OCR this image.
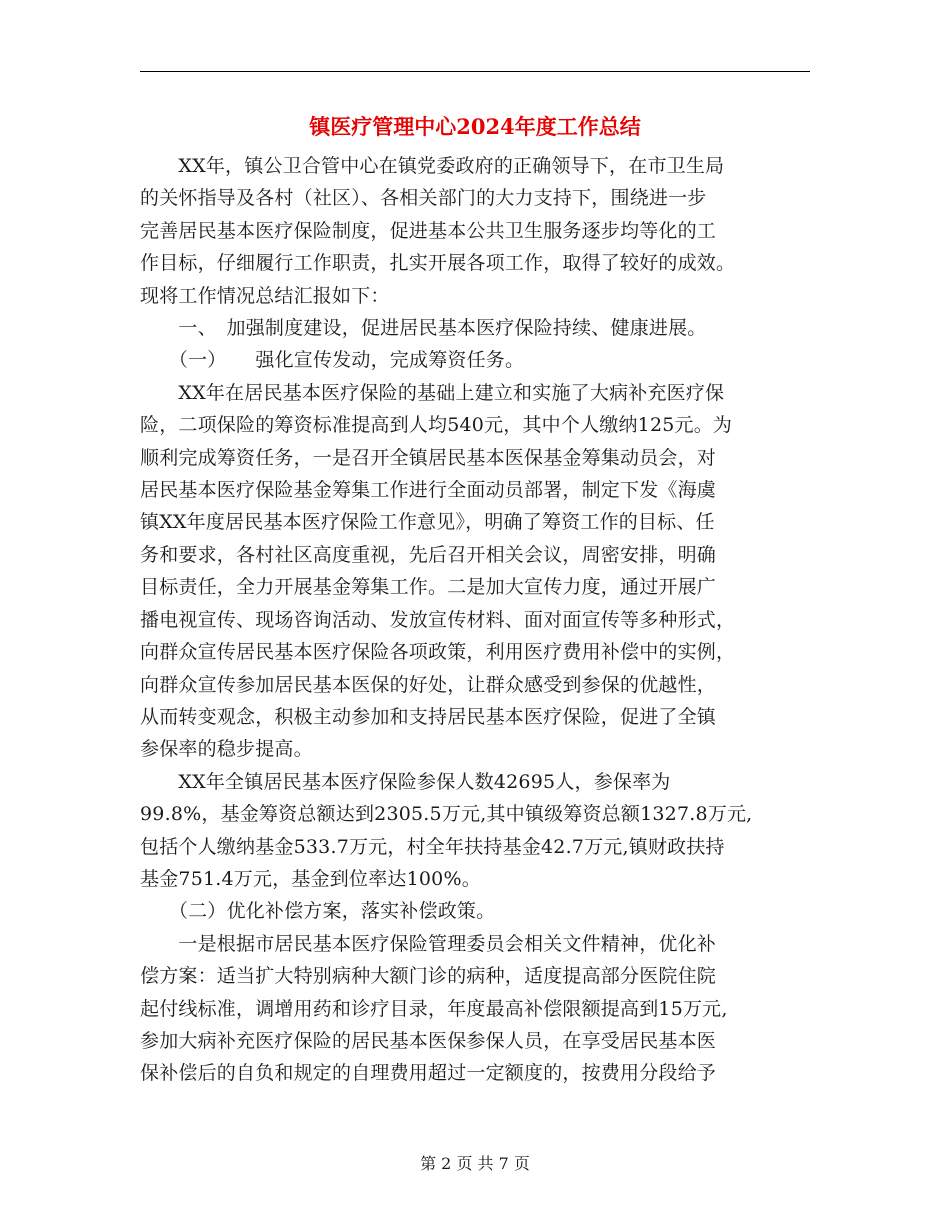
镇医疗管理中心2024年度工作总结

　　XX年，镇公卫合管中心在镇党委政府的正确领导下，在市卫生局
的关怀指导及各村（社区）、各相关部门的大力支持下，围绕进一步
完善居民基本医疗保险制度，促进基本公共卫生服务逐步均等化的工
作目标，仔细履行工作职责，扎实开展各项工作，取得了较好的成效。
现将工作情况总结汇报如下：

　　一、　加强制度建设，促进居民基本医疗保险持续、健康进展。

　　（一）　　强化宣传发动，完成筹资任务。

　　XX年在居民基本医疗保险的基础上建立和实施了大病补充医疗保
险，二项保险的筹资标准提高到人均540元，其中个人缴纳125元。为
顺利完成筹资任务，一是召开全镇居民基本医保基金筹集动员会，对
居民基本医疗保险基金筹集工作进行全面动员部署，制定下发《海虞
镇XX年度居民基本医疗保险工作意见》，明确了筹资工作的目标、任
务和要求，各村社区高度重视，先后召开相关会议，周密安排，明确
目标责任，全力开展基金筹集工作。二是加大宣传力度，通过开展广
播电视宣传、现场咨询活动、发放宣传材料、面对面宣传等多种形式，
向群众宣传居民基本医疗保险各项政策，利用医疗费用补偿中的实例，
向群众宣传参加居民基本医保的好处，让群众感受到参保的优越性，
从而转变观念，积极主动参加和支持居民基本医疗保险，促进了全镇
参保率的稳步提高。

　　XX年全镇居民基本医疗保险参保人数42695人，参保率为
99.8%，基金筹资总额达到2305.5万元,其中镇级筹资总额1327.8万元,
包括个人缴纳基金533.7万元，村全年扶持基金42.7万元,镇财政扶持
基金751.4万元，基金到位率达100%。

　　（二）优化补偿方案，落实补偿政策。

　　一是根据市居民基本医疗保险管理委员会相关文件精神，优化补
偿方案：适当扩大特别病种大额门诊的病种，适度提高部分医院住院
起付线标准，调增用药和诊疗目录，年度最高补偿限额提高到15万元,
参加大病补充医疗保险的居民基本医保参保人员，在享受居民基本医
保补偿后的自负和规定的自理费用超过一定额度的，按费用分段给予

第 2 页 共 7 页
